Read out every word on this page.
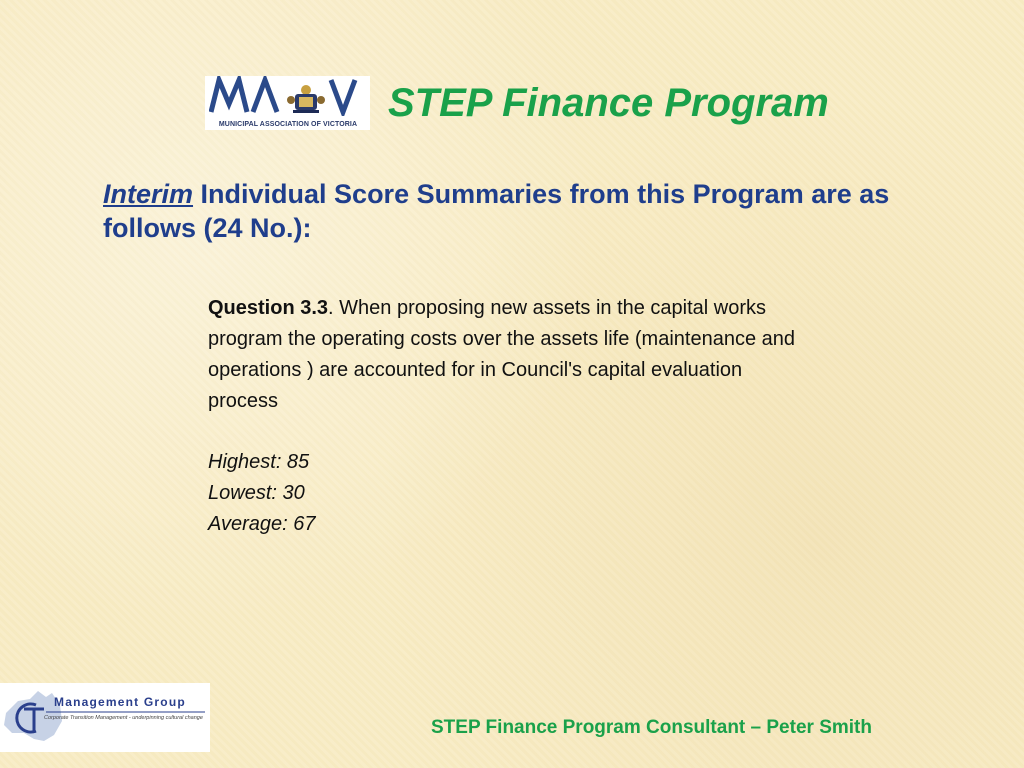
MUNICIPAL ASSOCIATION OF VICTORIA STEP Finance Program
Interim Individual Score Summaries from this Program are as follows (24 No.):
Question 3.3. When proposing new assets in the capital works program the operating costs over the assets life (maintenance and operations ) are accounted for in Council's capital evaluation process
Highest: 85
Lowest: 30
Average: 67
Management Group
Corporate Transition Management - underpinning cultural change	STEP Finance Program Consultant – Peter Smith
